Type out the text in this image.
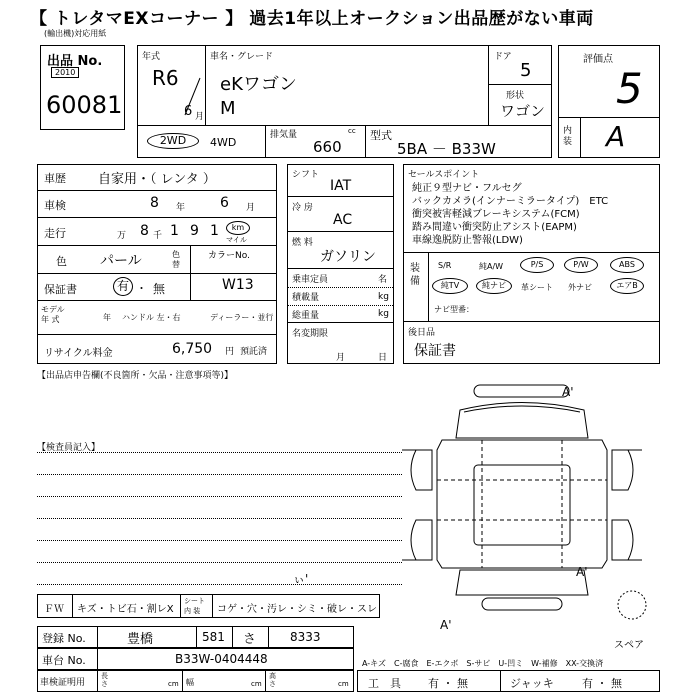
【 トレタマEXコーナー 】 過去1年以上オークション出品歴がない車両
(輸出機)対応用紙
出品 No.
2010
60081
年式
R6
6 月
車名・グレード
eKワゴン
M
ドア
5
形状
ワゴン
2WD	4WD
排気量	cc
660
型式
5BA － B33W
評価点
5
内装 A
車歴 自家用・（ レンタ ）
車検	8 年 6 月
走行	万 8 千 1 9 1	km
マイル
色 パール	色替
カラーNo.
W13
保証書	有 ・ 無
モデル
年 式	年 ハンドル 左・右	ディーラー・並行
リサイクル料金	6,750 円 預託済
シフト
IAT
冷 房
AC
燃 料
ガソリン
乗車定員	名
積載量	kg
総重量	kg
名変期限
月	日
セールスポイント
純正９型ナビ・フルセグ
バックカメラ(インナーミラータイプ)　ETC
衝突被害軽減ブレーキシステム(FCM)
踏み間違い衝突防止アシスト(EAPM)
車線逸脱防止警報(LDW)
装備
S/R	純A/W	P/S	P/W	ABS
純TV	純ナビ	革シート 外ナビ	エアB
ナビ型番：
後日品
保証書
【出品店申告欄(不良箇所・欠品・注意事項等)】
【検査員記入】
ぃ'
A'
A'
A'
スペア
ＦＷ キズ・トビ石・割レX
シート
内 装 コゲ・穴・汚レ・シミ・破レ・スレ
登録 No.	豊橋	581 さ	8333
車台 No.	B33W-0404448
車検証明用
長さ	cm 幅	cm
高さ	cm
A-キズ　C-腐食　E-エクボ　S-サビ　U-凹ミ　W-補修　XX-交換済
工　具 有 ・ 無	ジャッキ	有 ・ 無
